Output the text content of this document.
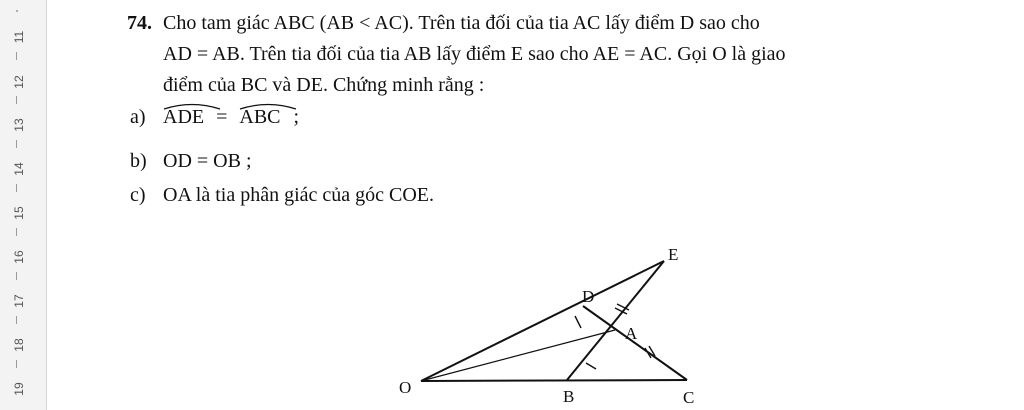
11
12
13
14
15
16
17
18
19
74. Cho tam giác ABC (AB < AC). Trên tia đối của tia AC lấy điểm D sao cho
AD = AB. Trên tia đối của tia AB lấy điểm E sao cho AE = AC. Gọi O là giao
điểm của BC và DE. Chứng minh rằng :
a) ADE = ABC ;
b) OD = OB ;
c) OA là tia phân giác của góc COE.
E
D
A
O	B	C
